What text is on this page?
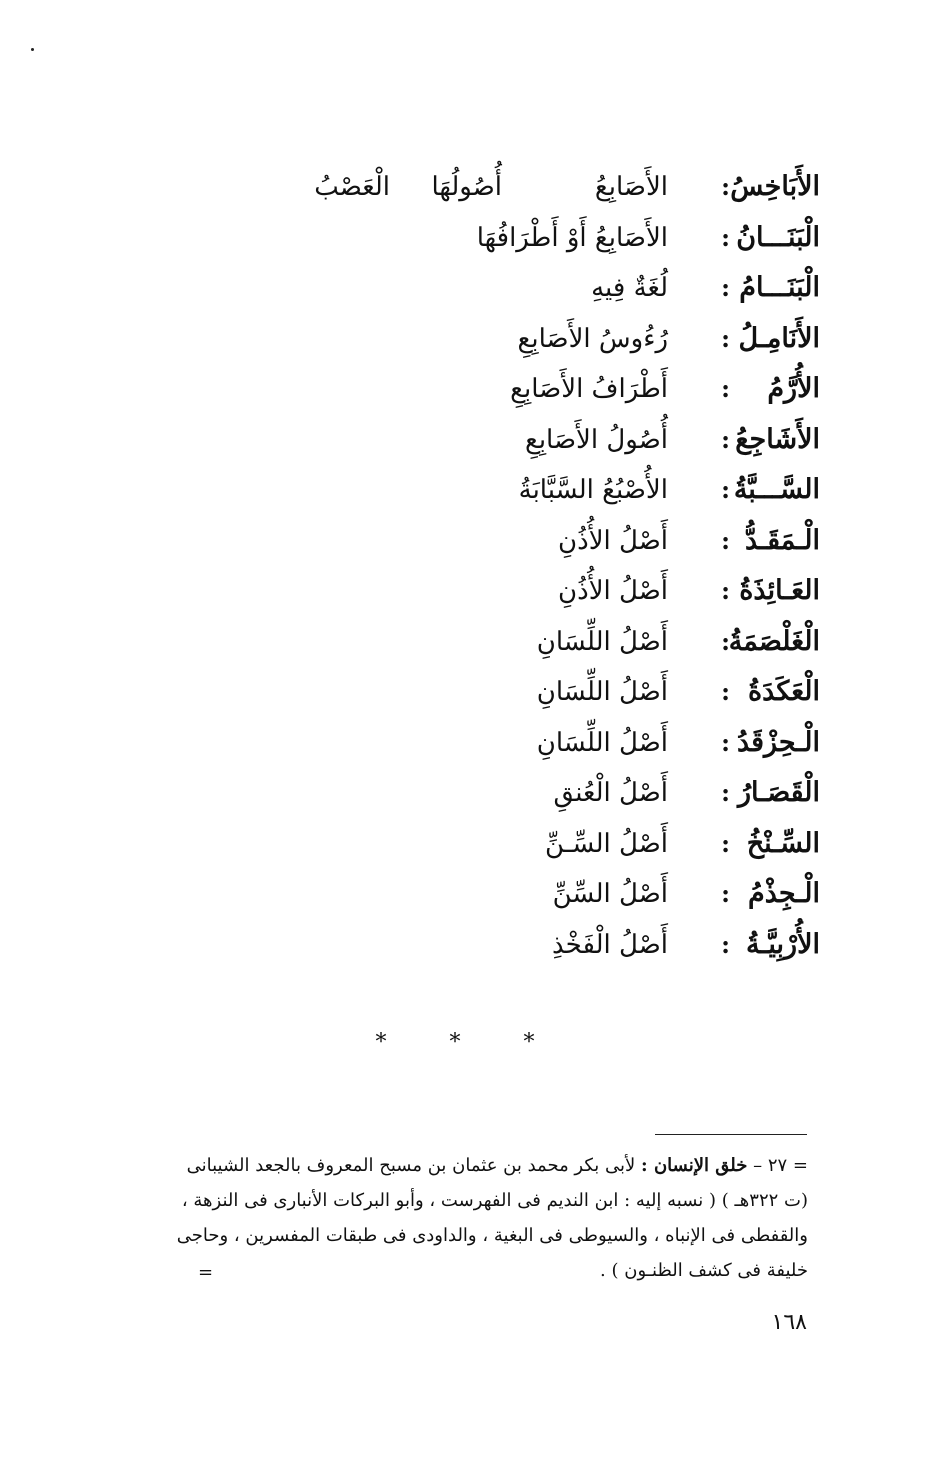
الأَبَاخِسُ
:
الأَصَابِعُ
أُصُولُهَا
الْعَصْبُ
الْبَنَـــانُ
:
الأَصَابِعُ أَوْ أَطْرَافُهَا
الْبَنَـــامُ
:
لُغَةٌ فِيهِ
الأَنَامِـلُ
:
رُءُوسُ الأَصَابِعِ
الأُرَّمُ
:
أَطْرَافُ الأَصَابِعِ
الأَشَاجِعُ
:
أُصُولُ الأَصَابِعِ
السَّـــبَّةُ
:
الأُصْبُعُ السَّبَّابَةُ
الْـمَقَـدُّ
:
أَصْلُ الأُذُنِ
العَـائِذَةُ
:
أَصْلُ الأُذُنِ
الْغَلْصَمَةُ
:
أَصْلُ اللِّسَانِ
الْعَكَدَةُ
:
أَصْلُ اللِّسَانِ
الْـحِزْقَدُ
:
أَصْلُ اللِّسَانِ
الْقَصَـارُ
:
أَصْلُ الْعُنقِ
السِّـنْخُ
:
أَصْلُ السِّـنِّ
الْـجِذْمُ
:
أَصْلُ السِّنِّ
الأُرْبِيَّـةُ
:
أَصْلُ الْفَخْذِ
* * *

= ٢٧ – خلق الإنسان : لأبى بكر محمد بن عثمان بن مسبح المعروف بالجعد الشيبانى

(ت ٣٢٢هـ ) ( نسبه إليه : ابن النديم فى الفهرست ، وأبو البركات الأنبارى فى النزهة ،

والقفطى فى الإنباه ، والسيوطى فى البغية ، والداودى فى طبقات المفسرين ، وحاجى

خليفة فى كشف الظنـون ) .

=
١٦٨
